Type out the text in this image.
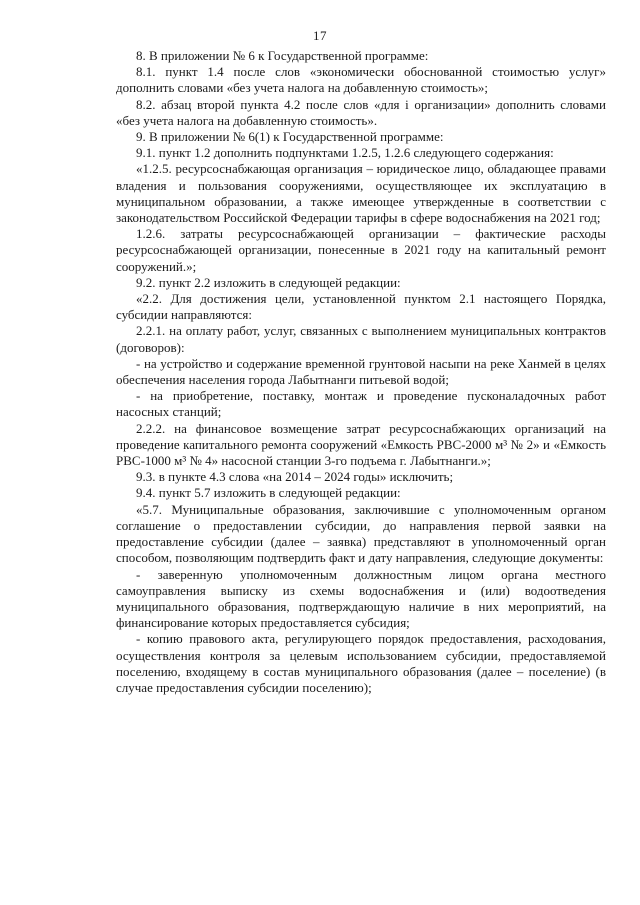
17

8. В приложении № 6 к Государственной программе:

8.1. пункт 1.4 после слов «экономически обоснованной стоимостью услуг» дополнить словами «без учета налога на добавленную стоимость»;

8.2. абзац второй пункта 4.2 после слов «для i организации» дополнить словами «без учета налога на добавленную стоимость».

9. В приложении № 6(1) к Государственной программе:

9.1. пункт 1.2 дополнить подпунктами 1.2.5, 1.2.6 следующего содержания:

«1.2.5. ресурсоснабжающая организация – юридическое лицо, обладающее правами владения и пользования сооружениями, осуществляющее их эксплуатацию в муниципальном образовании, а также имеющее утвержденные в соответствии с законодательством Российской Федерации тарифы в сфере водоснабжения на 2021 год;

1.2.6. затраты ресурсоснабжающей организации – фактические расходы ресурсоснабжающей организации, понесенные в 2021 году на капитальный ремонт сооружений.»;

9.2. пункт 2.2 изложить в следующей редакции:

«2.2. Для достижения цели, установленной пунктом 2.1 настоящего Порядка, субсидии направляются:

2.2.1. на оплату работ, услуг, связанных с выполнением муниципальных контрактов (договоров):

- на устройство и содержание временной грунтовой насыпи на реке Ханмей в целях обеспечения населения города Лабытнанги питьевой водой;

- на приобретение, поставку, монтаж и проведение пусконаладочных работ насосных станций;

2.2.2. на финансовое возмещение затрат ресурсоснабжающих организаций на проведение капитального ремонта сооружений «Емкость РВС-2000 м³ № 2» и «Емкость РВС-1000 м³ № 4» насосной станции 3-го подъема г. Лабытнанги.»;

9.3. в пункте 4.3 слова «на 2014 – 2024 годы» исключить;

9.4. пункт 5.7 изложить в следующей редакции:

«5.7. Муниципальные образования, заключившие с уполномоченным органом соглашение о предоставлении субсидии, до направления первой заявки на предоставление субсидии (далее – заявка) представляют в уполномоченный орган способом, позволяющим подтвердить факт и дату направления, следующие документы:

- заверенную уполномоченным должностным лицом органа местного самоуправления выписку из схемы водоснабжения и (или) водоотведения муниципального образования, подтверждающую наличие в них мероприятий, на финансирование которых предоставляется субсидия;

- копию правового акта, регулирующего порядок предоставления, расходования, осуществления контроля за целевым использованием субсидии, предоставляемой поселению, входящему в состав муниципального образования (далее – поселение) (в случае предоставления субсидии поселению);
